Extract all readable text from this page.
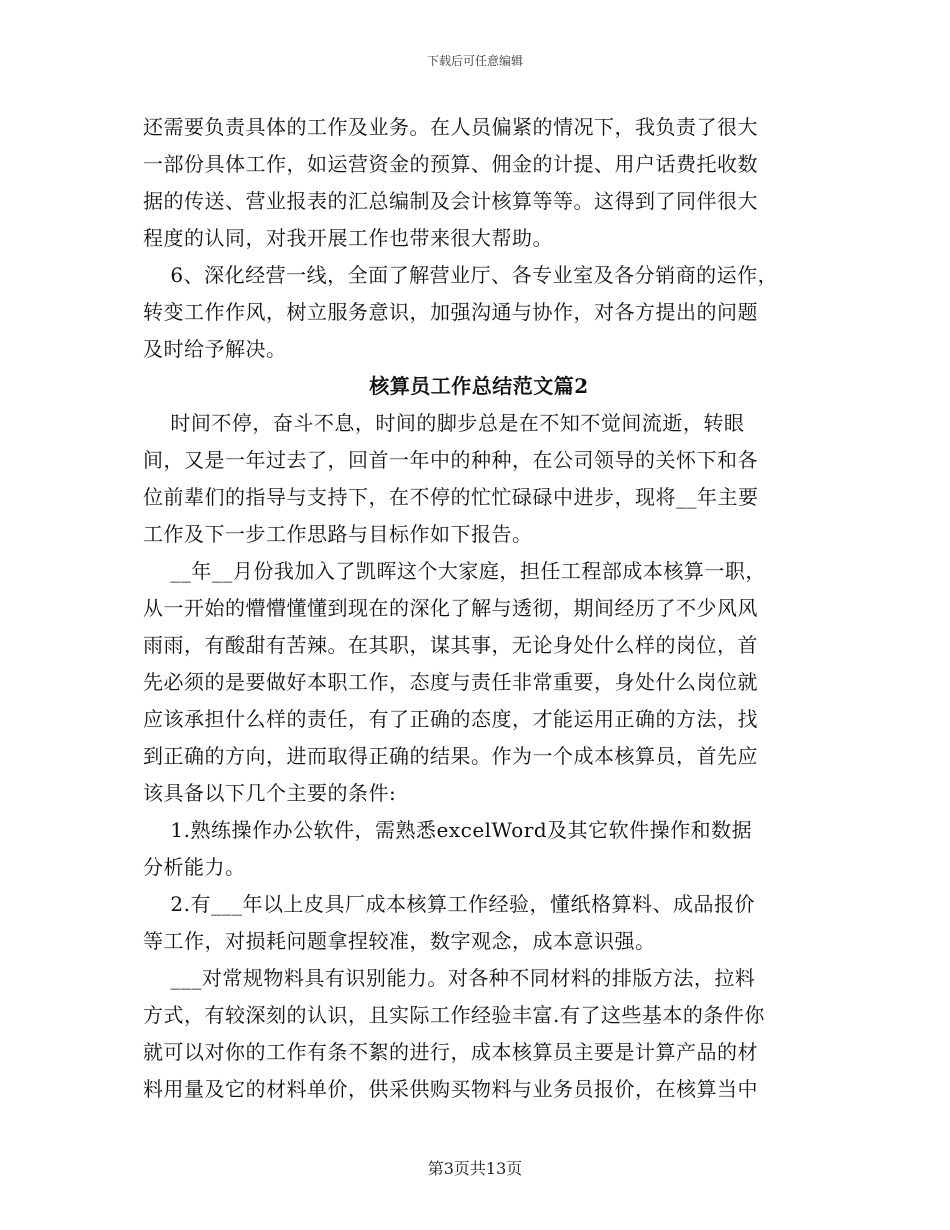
下载后可任意编辑
还需要负责具体的工作及业务。在人员偏紧的情况下，我负责了很大
一部份具体工作，如运营资金的预算、佣金的计提、用户话费托收数
据的传送、营业报表的汇总编制及会计核算等等。这得到了同伴很大
程度的认同，对我开展工作也带来很大帮助。
6、深化经营一线，全面了解营业厅、各专业室及各分销商的运作，
转变工作作风，树立服务意识，加强沟通与协作，对各方提出的问题
及时给予解决。
核算员工作总结范文篇2
时间不停，奋斗不息，时间的脚步总是在不知不觉间流逝，转眼
间，又是一年过去了，回首一年中的种种，在公司领导的关怀下和各
位前辈们的指导与支持下，在不停的忙忙碌碌中进步，现将__年主要
工作及下一步工作思路与目标作如下报告。
__年__月份我加入了凯晖这个大家庭，担任工程部成本核算一职，
从一开始的懵懵懂懂到现在的深化了解与透彻，期间经历了不少风风
雨雨，有酸甜有苦辣。在其职，谋其事，无论身处什么样的岗位，首
先必须的是要做好本职工作，态度与责任非常重要，身处什么岗位就
应该承担什么样的责任，有了正确的态度，才能运用正确的方法，找
到正确的方向，进而取得正确的结果。作为一个成本核算员，首先应
该具备以下几个主要的条件:
1.熟练操作办公软件，需熟悉excelWord及其它软件操作和数据
分析能力。
2.有___年以上皮具厂成本核算工作经验，懂纸格算料、成品报价
等工作，对损耗问题拿捏较准，数字观念，成本意识强。
___对常规物料具有识别能力。对各种不同材料的排版方法，拉料
方式，有较深刻的认识，且实际工作经验丰富.有了这些基本的条件你
就可以对你的工作有条不絮的进行，成本核算员主要是计算产品的材
料用量及它的材料单价，供采供购买物料与业务员报价，在核算当中
第3页共13页
